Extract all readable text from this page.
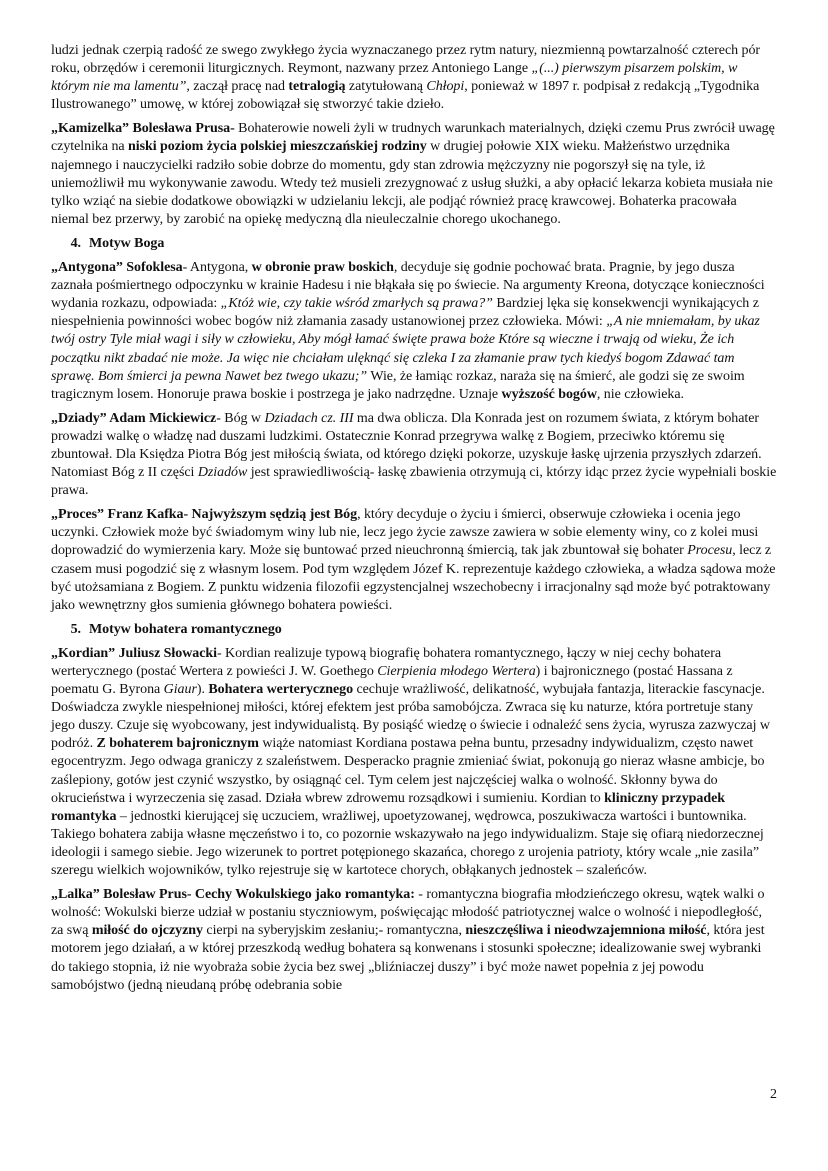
ludzi jednak czerpią radość ze swego zwykłego życia wyznaczanego przez rytm natury, niezmienną powtarzalność czterech pór roku, obrzędów i ceremonii liturgicznych. Reymont, nazwany przez Antoniego Lange „(...) pierwszym pisarzem polskim, w którym nie ma lamentu”, zaczął pracę nad tetralogią zatytułowaną Chłopi, ponieważ w 1897 r. podpisał z redakcją „Tygodnika Ilustrowanego” umowę, w której zobowiązał się stworzyć takie dzieło.

„Kamizelka” Bolesława Prusa- Bohaterowie noweli żyli w trudnych warunkach materialnych, dzięki czemu Prus zwrócił uwagę czytelnika na niski poziom życia polskiej mieszczańskiej rodziny w drugiej połowie XIX wieku. Małżeństwo urzędnika najemnego i nauczycielki radziło sobie dobrze do momentu, gdy stan zdrowia mężczyzny nie pogorszył się na tyle, iż uniemożliwił mu wykonywanie zawodu. Wtedy też musieli zrezygnować z usług służki, a aby opłacić lekarza kobieta musiała nie tylko wziąć na siebie dodatkowe obowiązki w udzielaniu lekcji, ale podjąć również pracę krawcowej. Bohaterka pracowała niemal bez przerwy, by zarobić na opiekę medyczną dla nieuleczalnie chorego ukochanego.

4. Motyw Boga

„Antygona” Sofoklesa- Antygona, w obronie praw boskich, decyduje się godnie pochować brata. Pragnie, by jego dusza zaznała pośmiertnego odpoczynku w krainie Hadesu i nie błąkała się po świecie. Na argumenty Kreona, dotyczące konieczności wydania rozkazu, odpowiada: „Któż wie, czy takie wśród zmarłych są prawa?” Bardziej lęka się konsekwencji wynikających z niespełnienia powinności wobec bogów niż złamania zasady ustanowionej przez człowieka. Mówi: „A nie mniemałam, by ukaz twój ostry Tyle miał wagi i siły w człowieku, Aby mógł łamać święte prawa boże Które są wieczne i trwają od wieku, Że ich początku nikt zbadać nie może. Ja więc nie chciałam ulęknąć się czleka I za złamanie praw tych kiedyś bogom Zdawać tam sprawę. Bom śmierci ja pewna Nawet bez twego ukazu;” Wie, że łamiąc rozkaz, naraża się na śmierć, ale godzi się ze swoim tragicznym losem. Honoruje prawa boskie i postrzega je jako nadrzędne. Uznaje wyższość bogów, nie człowieka.

„Dziady” Adam Mickiewicz- Bóg w Dziadach cz. III ma dwa oblicza. Dla Konrada jest on rozumem świata, z którym bohater prowadzi walkę o władzę nad duszami ludzkimi. Ostatecznie Konrad przegrywa walkę z Bogiem, przeciwko któremu się zbuntował. Dla Księdza Piotra Bóg jest miłością świata, od którego dzięki pokorze, uzyskuje łaskę ujrzenia przyszłych zdarzeń. Natomiast Bóg z II części Dziadów jest sprawiedliwością- łaskę zbawienia otrzymują ci, którzy idąc przez życie wypełniali boskie prawa.

„Proces” Franz Kafka- Najwyższym sędzią jest Bóg, który decyduje o życiu i śmierci, obserwuje człowieka i ocenia jego uczynki. Człowiek może być świadomym winy lub nie, lecz jego życie zawsze zawiera w sobie elementy winy, co z kolei musi doprowadzić do wymierzenia kary. Może się buntować przed nieuchronną śmiercią, tak jak zbuntował się bohater Procesu, lecz z czasem musi pogodzić się z własnym losem. Pod tym względem Józef K. reprezentuje każdego człowieka, a władza sądowa może być utożsamiana z Bogiem. Z punktu widzenia filozofii egzystencjalnej wszechobecny i irracjonalny sąd może być potraktowany jako wewnętrzny głos sumienia głównego bohatera powieści.

5. Motyw bohatera romantycznego

„Kordian” Juliusz Słowacki- Kordian realizuje typową biografię bohatera romantycznego, łączy w niej cechy bohatera werterycznego (postać Wertera z powieści J. W. Goethego Cierpienia młodego Wertera) i bajronicznego (postać Hassana z poematu G. Byrona Giaur). Bohatera werterycznego cechuje wrażliwość, delikatność, wybujała fantazja, literackie fascynacje. Doświadcza zwykle niespełnionej miłości, której efektem jest próba samobójcza. Zwraca się ku naturze, która portretuje stany jego duszy. Czuje się wyobcowany, jest indywidualistą. By posiąść wiedzę o świecie i odnaleźć sens życia, wyrusza zazwyczaj w podróż. Z bohaterem bajronicznym wiąże natomiast Kordiana postawa pełna buntu, przesadny indywidualizm, często nawet egocentryzm. Jego odwaga graniczy z szaleństwem. Desperacko pragnie zmieniać świat, pokonują go nieraz własne ambicje, bo zaślepiony, gotów jest czynić wszystko, by osiągnąć cel. Tym celem jest najczęściej walka o wolność. Skłonny bywa do okrucieństwa i wyrzeczenia się zasad. Działa wbrew zdrowemu rozsądkowi i sumieniu. Kordian to kliniczny przypadek romantyka – jednostki kierującej się uczuciem, wrażliwej, upoetyzowanej, wędrowca, poszukiwacza wartości i buntownika. Takiego bohatera zabija własne męczeństwo i to, co pozornie wskazywało na jego indywidualizm. Staje się ofiarą niedorzecznej ideologii i samego siebie. Jego wizerunek to portret potępionego skazańca, chorego z urojenia patrioty, który wcale „nie zasila” szeregu wielkich wojowników, tylko rejestruje się w kartotece chorych, obłąkanych jednostek – szaleńców.

„Lalka” Bolesław Prus- Cechy Wokulskiego jako romantyka: - romantyczna biografia młodzieńczego okresu, wątek walki o wolność: Wokulski bierze udział w postaniu styczniowym, poświęcając młodość patriotycznej walce o wolność i niepodległość, za swą miłość do ojczyzny cierpi na syberyjskim zesłaniu;- romantyczna, nieszczęśliwa i nieodwzajemniona miłość, która jest motorem jego działań, a w której przeszkodą według bohatera są konwenans i stosunki społeczne; idealizowanie swej wybranki do takiego stopnia, iż nie wyobraża sobie życia bez swej „bliźniaczej duszy” i być może nawet popełnia z jej powodu samobójstwo (jedną nieudaną próbę odebrania sobie

2
